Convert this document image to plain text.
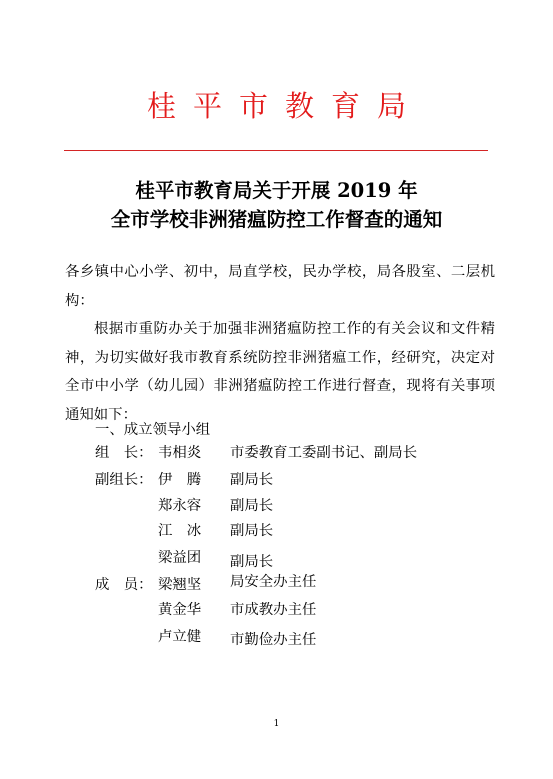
桂平市教育局
桂平市教育局关于开展 2019 年
全市学校非洲猪瘟防控工作督查的通知

各乡镇中心小学、初中，局直学校，民办学校，局各股室、二层机构：

根据市重防办关于加强非洲猪瘟防控工作的有关会议和文件精神，为切实做好我市教育系统防控非洲猪瘟工作，经研究，决定对全市中小学（幼儿园）非洲猪瘟防控工作进行督查，现将有关事项通知如下：

一、成立领导小组

组　长： 韦相炎 市委教育工委副书记、副局长
副组长： 伊　腾 副局长
郑永容 副局长
江　冰 副局长
梁益团 副局长
成　员： 梁翘坚 局安全办主任
黄金华 市成教办主任
卢立健 市勤俭办主任
1
